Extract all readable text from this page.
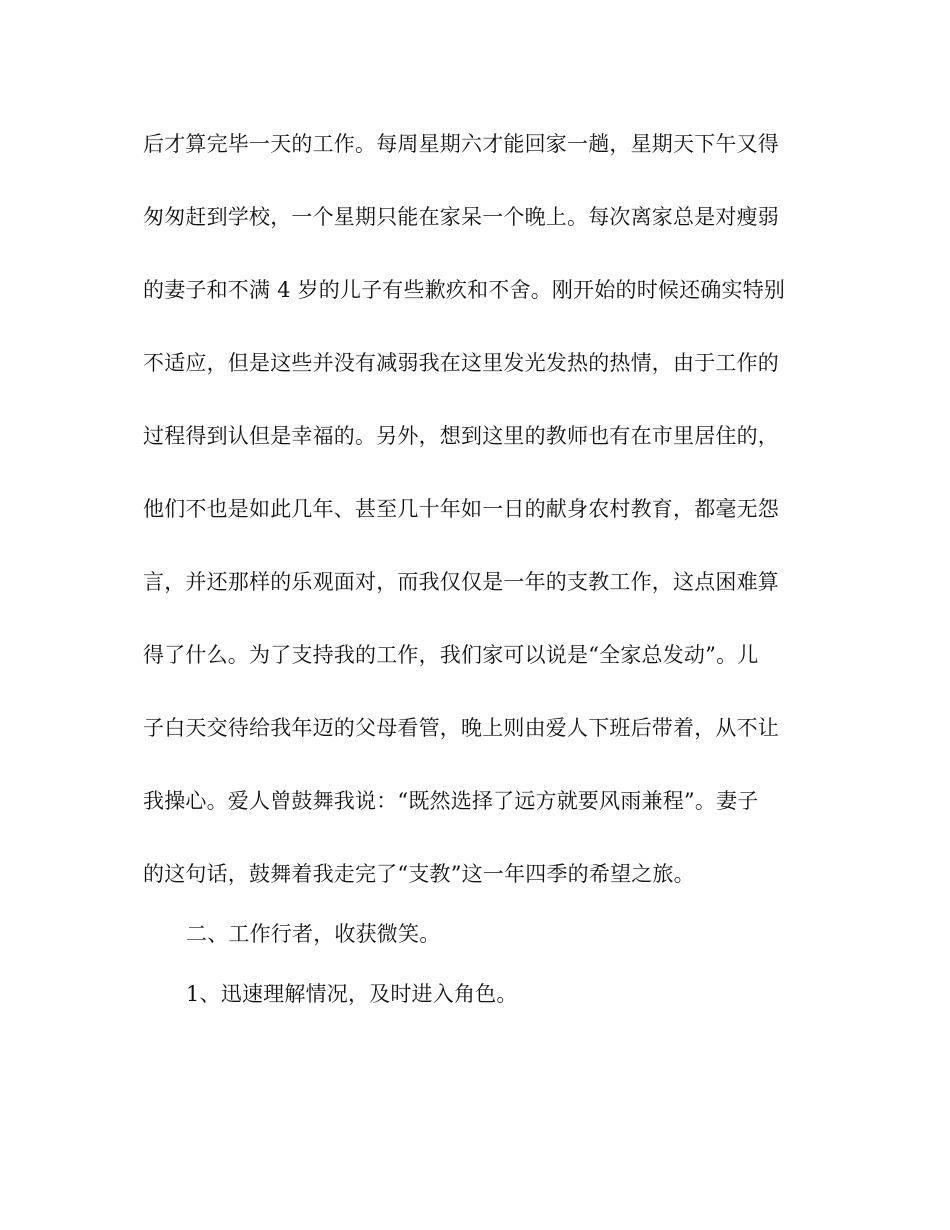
后才算完毕一天的工作。每周星期六才能回家一趟，星期天下午又得
匆匆赶到学校，一个星期只能在家呆一个晚上。每次离家总是对瘦弱
的妻子和不满 4 岁的儿子有些歉疚和不舍。刚开始的时候还确实特别
不适应，但是这些并没有减弱我在这里发光发热的热情，由于工作的
过程得到认但是幸福的。另外，想到这里的教师也有在市里居住的，
他们不也是如此几年、甚至几十年如一日的献身农村教育，都毫无怨
言，并还那样的乐观面对，而我仅仅是一年的支教工作，这点困难算
得了什么。为了支持我的工作，我们家可以说是“全家总发动”。儿
子白天交待给我年迈的父母看管，晚上则由爱人下班后带着，从不让
我操心。爱人曾鼓舞我说：“既然选择了远方就要风雨兼程”。妻子
的这句话，鼓舞着我走完了“支教”这一年四季的希望之旅。
二、工作行者，收获微笑。
1、迅速理解情况，及时进入角色。
